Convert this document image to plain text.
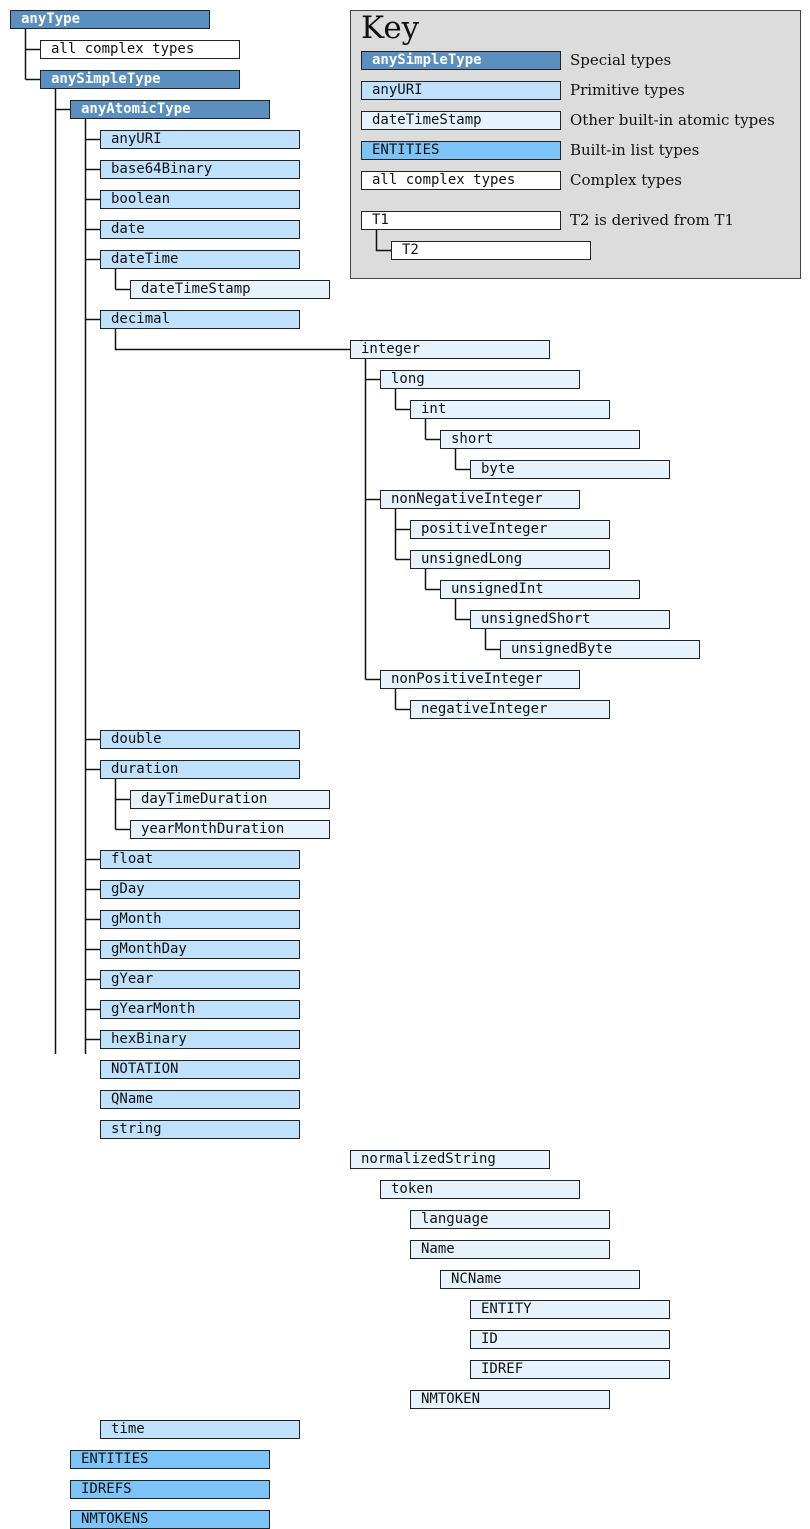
anyType
all complex types
anySimpleType
anyAtomicType
anyURI
base64Binary
boolean
date
dateTime
dateTimeStamp
decimal
integer
long
int
short
byte
nonNegativeInteger
positiveInteger
unsignedLong
unsignedInt
unsignedShort
unsignedByte
nonPositiveInteger
negativeInteger
double
duration
dayTimeDuration
yearMonthDuration
float
gDay
gMonth
gMonthDay
gYear
gYearMonth
hexBinary
NOTATION
QName
string
normalizedString
token
language
Name
NCName
ENTITY
ID
IDREF
NMTOKEN
time
ENTITIES
IDREFS
NMTOKENS
Key
anySimpleType	Special types
anyURI	Primitive types
dateTimeStamp	Other built-in atomic types
ENTITIES	Built-in list types
all complex types	Complex types
T1	T2 is derived from T1
T2
